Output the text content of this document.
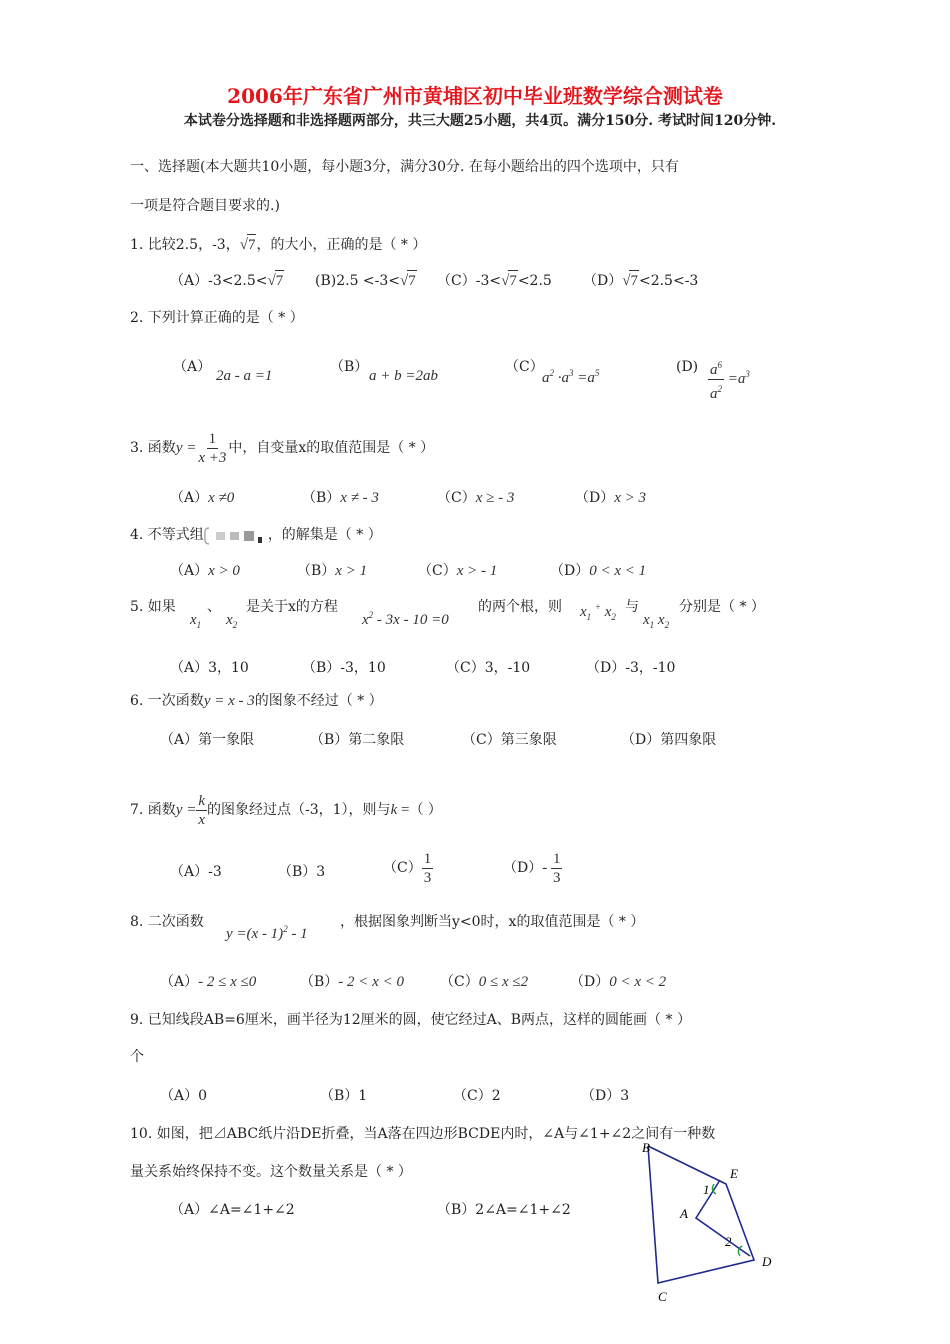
2006年广东省广州市黄埔区初中毕业班数学综合测试卷
本试卷分选择题和非选择题两部分，共三大题25小题，共4页。满分150分. 考试时间120分钟.
一、选择题(本大题共10小题，每小题3分，满分30分. 在每小题给出的四个选项中，只有
一项是符合题目要求的.)
1. 比较2.5，-3，√7，的大小，正确的是（ * ）
（A）-3<2.5<√7 (B)2.5 <-3<√7 （C）-3<√7<2.5 （D）√7<2.5<-3
2. 下列计算正确的是（ * ）
（A）
2a - a =1
（B）
a + b =2ab
（C）
$a^2 \cdot a^3 =a^5$	$(D) \frac{a^6}{a^2} =a^3$
3. 函数$y = \frac{1}{x +3}$ 中，自变量x的取值范围是（ * ）
（A）x ≠0	（B）x ≠ - 3	（C）x ≥ - 3	（D）x > 3
4. 不等式组	，的解集是（ * ）
（A）x > 0	（B）x > 1	（C）x > - 1	（D）0 < x < 1
5. 如果
$x_1$
、
$x_2$
是关于x的方程
$x^2 - 3x - 10 =0$
的两个根，则 $x_1$ + $x_2$
与
$x_1$ $x_2$
分别是（ * ）
（A）3，10	（B）-3，10	（C）3，-10	（D）-3，-10
6. 一次函数y = x - 3的图象不经过（ * ）
（A）第一象限	（B）第二象限	（C）第三象限	（D）第四象限
7. 函数$y = \frac{k}{x}$ 的图象经过点（-3，1），则与k =（ ）
（A）-3	（B）3	$(C) \frac{1}{3}$	$(D)- \frac{1}{3}$
8. 二次函数
y =(x - 1)$^2$ - 1
，根据图象判断当y<0时，x的取值范围是（ * ）
（A）- 2 ≤ x ≤0	（B）- 2 < x < 0	（C）0 ≤ x ≤2	（D）0 < x < 2
9. 已知线段AB=6厘米，画半径为12厘米的圆，使它经过A、B两点，这样的圆能画（ * ）
个
（A）0	（B）1	（C）2	（D）3
10. 如图，把⊿ABC纸片沿DE折叠，当A落在四边形BCDE内时，∠A与∠1+∠2之间有一种数
量关系始终保持不变。这个数量关系是（ * ）
（A）∠A=∠1+∠2	（B）2∠A=∠1+∠2
B
E
1
A
2
D
C
